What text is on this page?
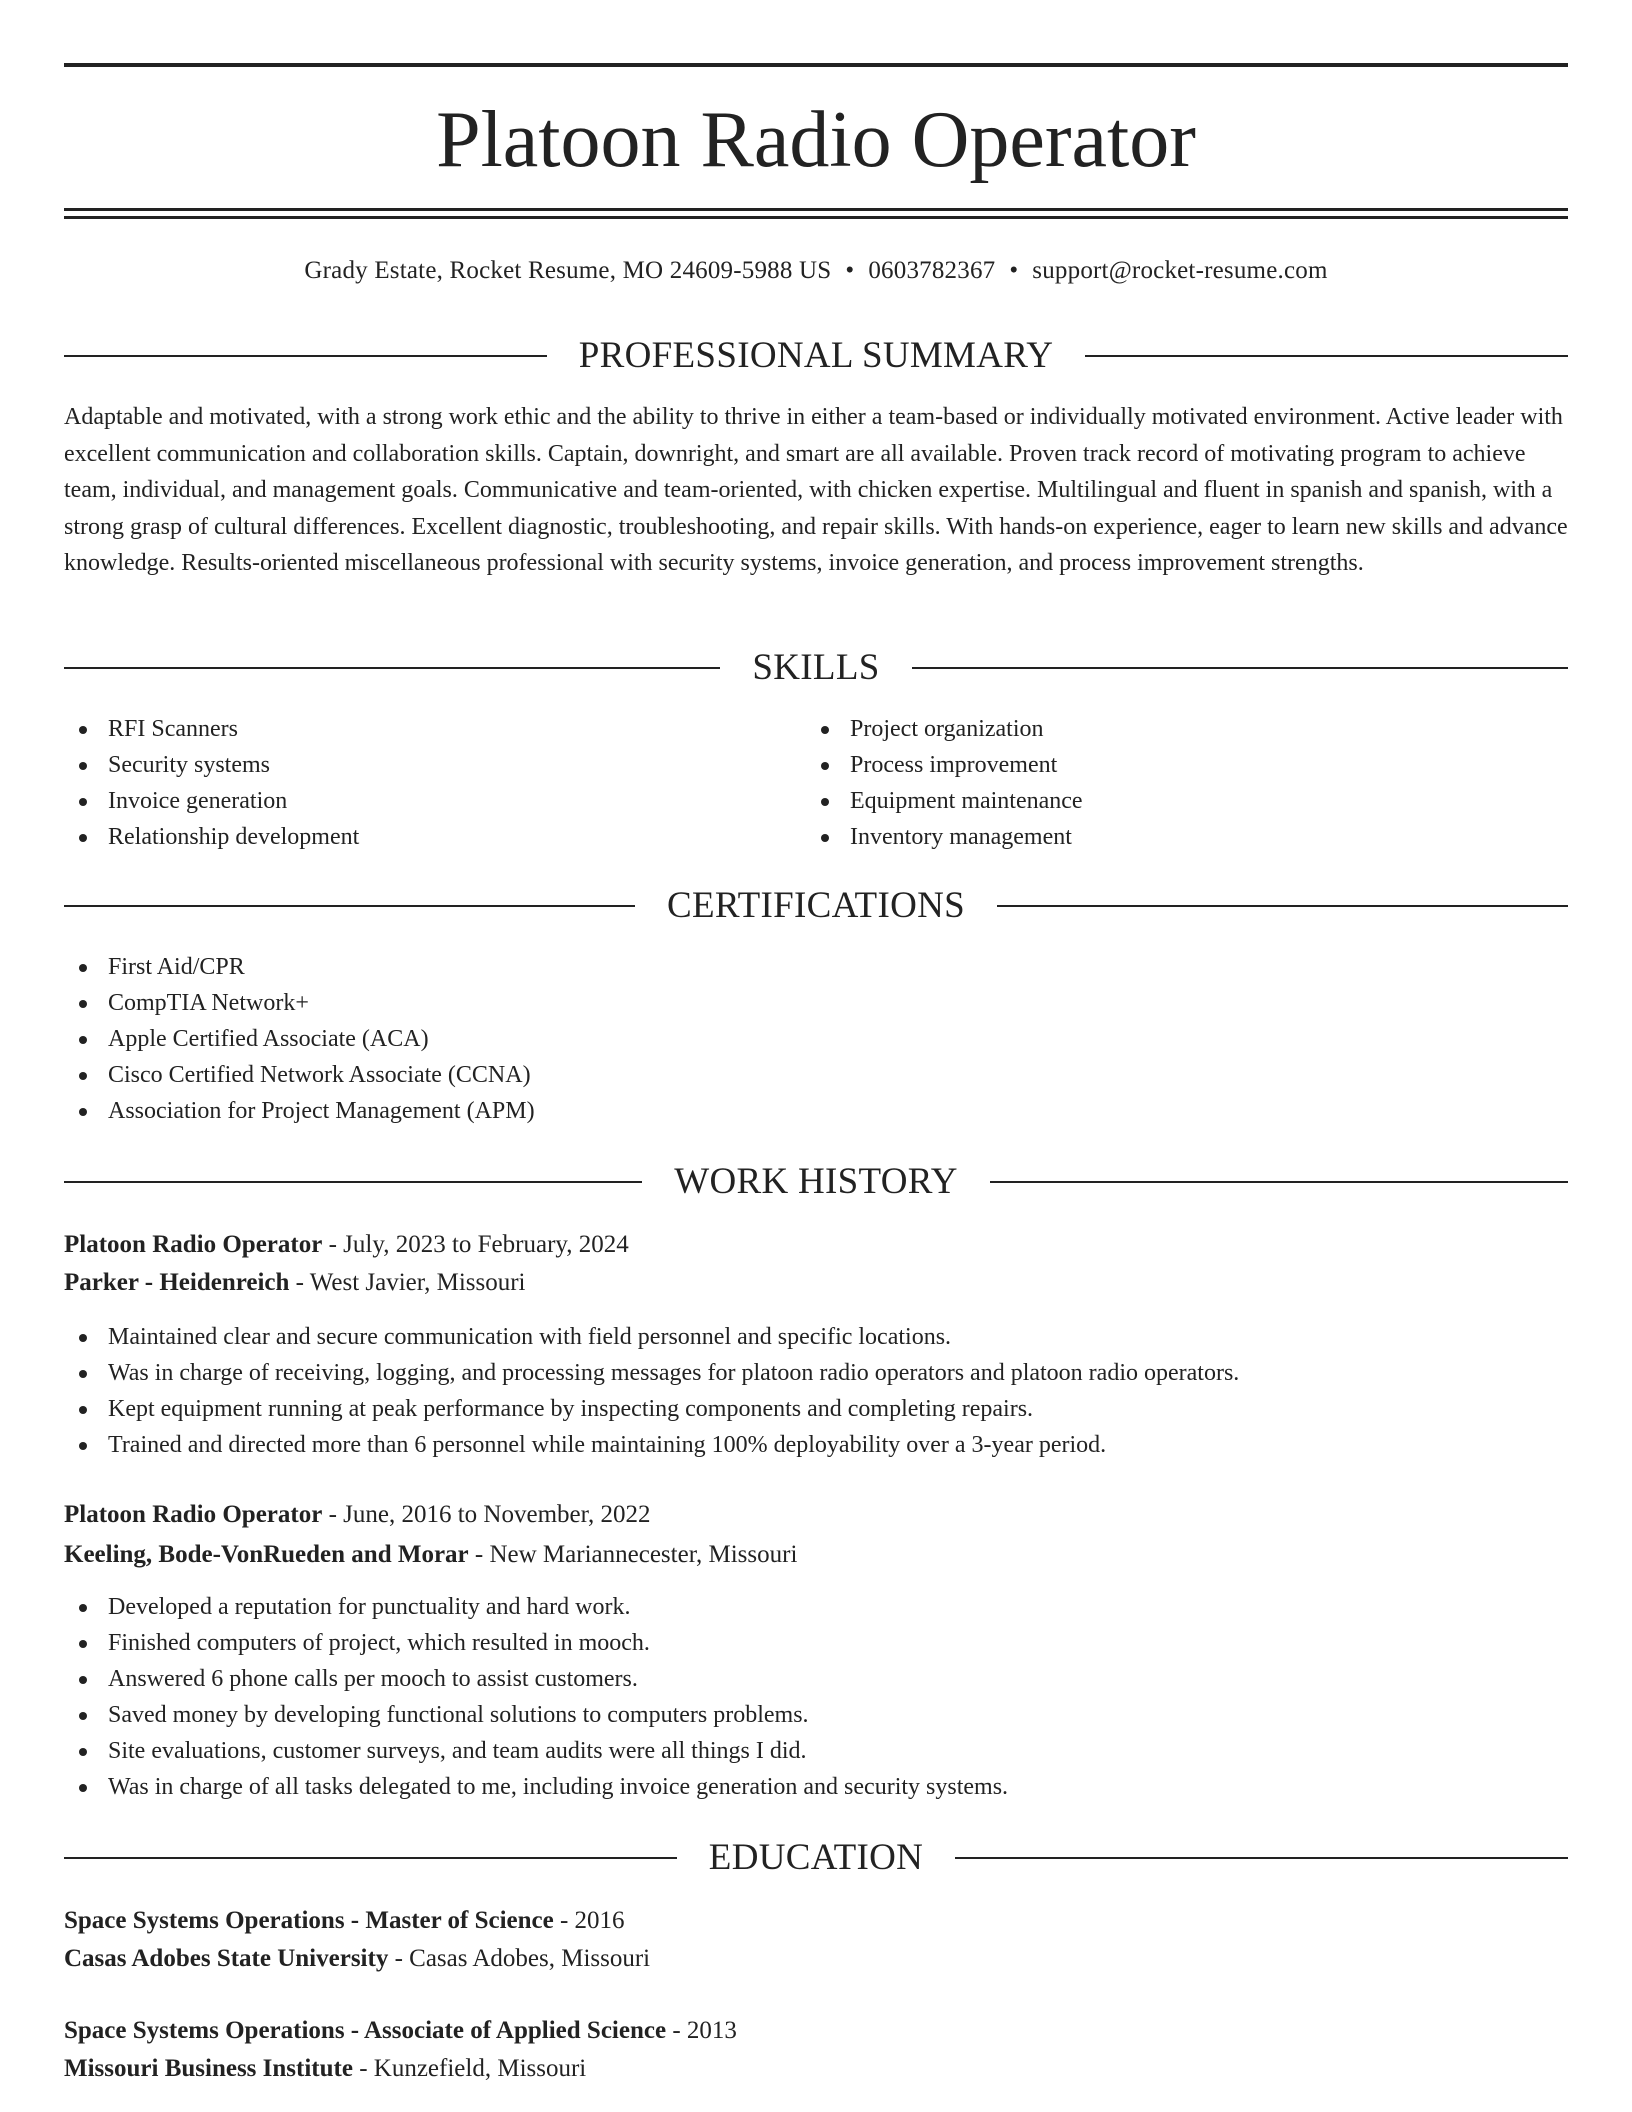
Platoon Radio Operator
Grady Estate, Rocket Resume, MO 24609-5988 US • 0603782367 • support@rocket-resume.com
PROFESSIONAL SUMMARY

Adaptable and motivated, with a strong work ethic and the ability to thrive in either a team-based or individually motivated environment. Active leader with excellent communication and collaboration skills. Captain, downright, and smart are all available. Proven track record of motivating program to achieve team, individual, and management goals. Communicative and team-oriented, with chicken expertise. Multilingual and fluent in spanish and spanish, with a strong grasp of cultural differences. Excellent diagnostic, troubleshooting, and repair skills. With hands-on experience, eager to learn new skills and advance knowledge. Results-oriented miscellaneous professional with security systems, invoice generation, and process improvement strengths.

SKILLS
RFI Scanners
Security systems
Invoice generation
Relationship development
Project organization
Process improvement
Equipment maintenance
Inventory management
CERTIFICATIONS
First Aid/CPR
CompTIA Network+
Apple Certified Associate (ACA)
Cisco Certified Network Associate (CCNA)
Association for Project Management (APM)
WORK HISTORY
Platoon Radio Operator - July, 2023 to February, 2024
Parker - Heidenreich - West Javier, Missouri
Maintained clear and secure communication with field personnel and specific locations.
Was in charge of receiving, logging, and processing messages for platoon radio operators and platoon radio operators.
Kept equipment running at peak performance by inspecting components and completing repairs.
Trained and directed more than 6 personnel while maintaining 100% deployability over a 3-year period.
Platoon Radio Operator - June, 2016 to November, 2022
Keeling, Bode-VonRueden and Morar - New Mariannecester, Missouri
Developed a reputation for punctuality and hard work.
Finished computers of project, which resulted in mooch.
Answered 6 phone calls per mooch to assist customers.
Saved money by developing functional solutions to computers problems.
Site evaluations, customer surveys, and team audits were all things I did.
Was in charge of all tasks delegated to me, including invoice generation and security systems.
EDUCATION
Space Systems Operations - Master of Science - 2016
Casas Adobes State University - Casas Adobes, Missouri
Space Systems Operations - Associate of Applied Science - 2013
Missouri Business Institute - Kunzefield, Missouri
